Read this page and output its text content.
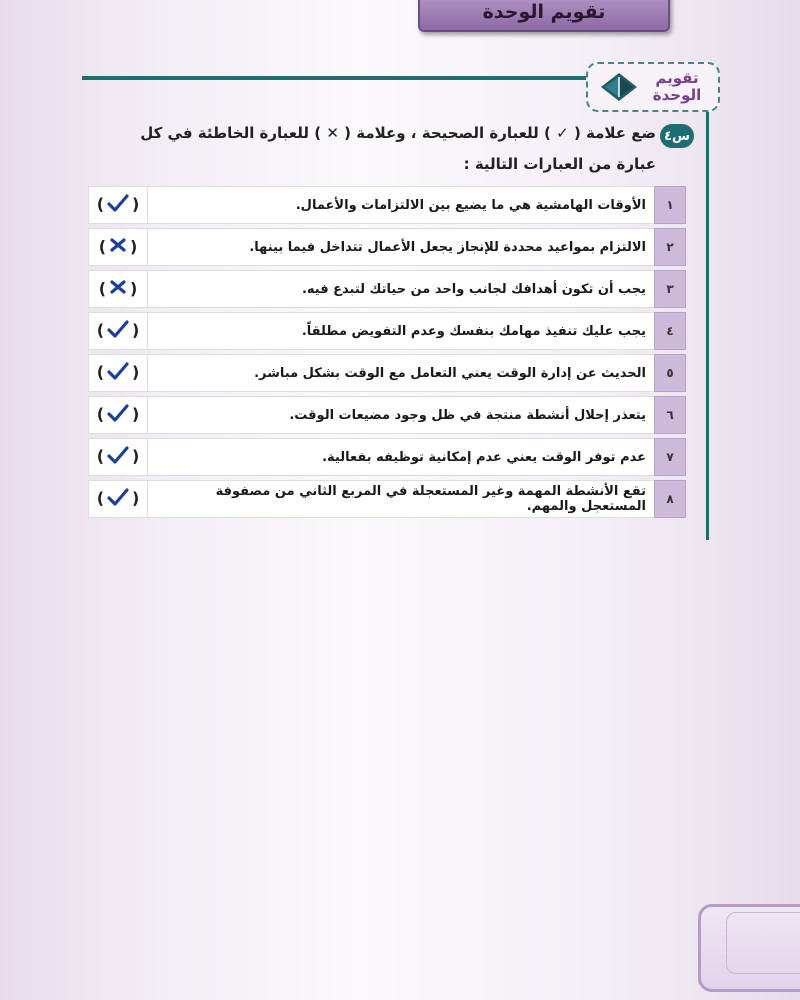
تقويم الوحدة
تقويم
الوحدة
س٤
ضع علامة ( ✓ ) للعبارة الصحيحة ، وعلامة ( ✕ ) للعبارة الخاطئة في كل عبارة من العبارات التالية :
١	الأوقات الهامشية هي ما يضيع بين الالتزامات والأعمال.	()
٢	الالتزام بمواعيد محددة للإنجاز يجعل الأعمال تتداخل فيما بينها.	()
٣	يجب أن تكون أهدافك لجانب واحد من حياتك لتبدع فيه.	()
٤	يجب عليك تنفيذ مهامك بنفسك وعدم التفويض مطلقاً.	()
٥	الحديث عن إدارة الوقت يعني التعامل مع الوقت بشكل مباشر.	()
٦	يتعذر إحلال أنشطة منتجة في ظل وجود مضيعات الوقت.	()
٧	عدم توفر الوقت يعني عدم إمكانية توظيفه بفعالية.	()
٨	تقع الأنشطة المهمة وغير المستعجلة في المربع الثاني من مصفوفة المستعجل والمهم.	()
